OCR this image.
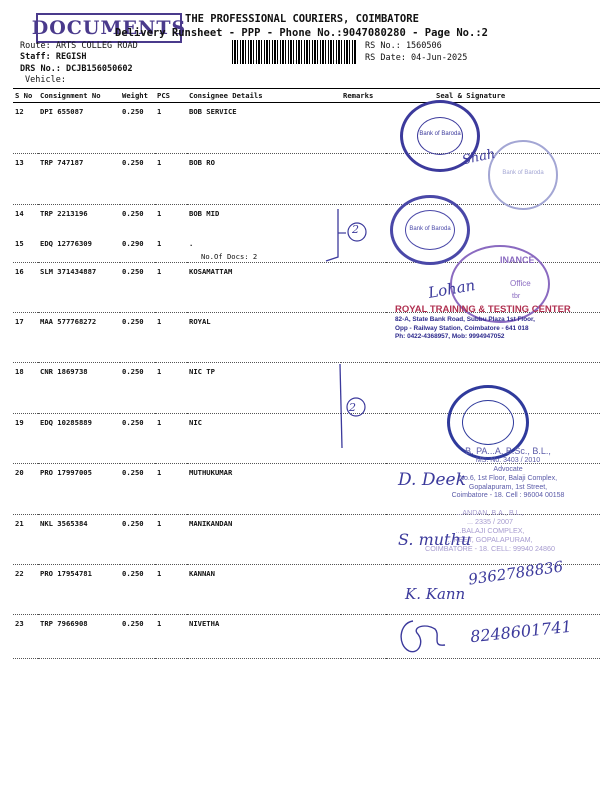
DOCUMENTS
THE PROFESSIONAL COURIERS, COIMBATORE
Delivery Runsheet - PPP - Phone No.:9047080280 - Page No.:2
Route: ARTS COLLEG ROAD
Staff: REGISH
DRS No.: DCJB156050602
Vehicle:
RS No.: 1560506
RS Date: 04-Jun-2025
S No	Consignment No	Weight	PCS	Consignee Details	Remarks	Seal & Signature
12	DPI 655087	0.250	1	BOB SERVICE		
13	TRP 747187	0.250	1	BOB RO		
14	TRP 2213196	0.250	1	BOB MID		
15	EDQ 12776309	0.290	1	.
No.Of Docs: 2		

16	SLM 371434887	0.250	1	KOSAMATTAM		
17	MAA 577768272	0.250	1	ROYAL		
18	CNR 1869738	0.250	1	NIC TP		
19	EDQ 10285889	0.250	1	NIC		
20	PRO 17997005	0.250	1	MUTHUKUMAR		
21	NKL 3565384	0.250	1	MANIKANDAN		
22	PRO 17954781	0.250	1	KANNAN		
23	TRP 7966908	0.250	1	NIVETHA		
2
2
Bank of Baroda
Bank of Baroda
Bank of Baroda
INANCE
Office
tbr
ROYAL TRAINING & TESTING CENTER
82-A, State Bank Road, Subbu Plaza 1st Floor,
Opp - Railway Station, Coimbatore - 641 018
Ph: 0422-4368957, Mob: 9994947052
B. PA...A, B.Sc., B.L.,
MS. No. 3403 / 2010
Advocate
No.6, 1st Floor, Balaji Complex,
Gopalapuram, 1st Street,
Coimbatore - 18. Cell : 96004 00158
...ANDAN, B.A., B.L.,
... 2335 / 2007
...BALAJI COMPLEX,
...REET, GOPALAPURAM,
COIMBATORE - 18. CELL: 99940 24860
Shah
Lohan
D. Deek
S. muthu
K. Kann
9362788836
8248601741
